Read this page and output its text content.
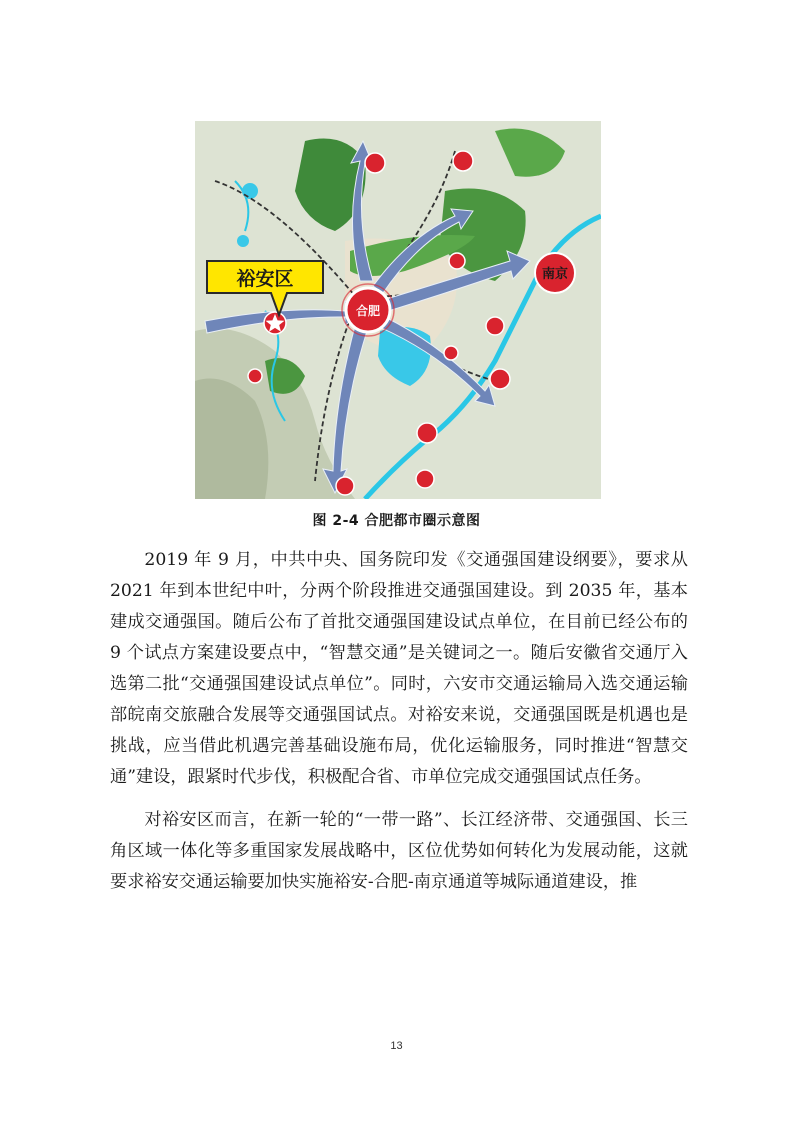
南京
合肥
裕安区
图 2-4 合肥都市圈示意图

2019 年 9 月，中共中央、国务院印发《交通强国建设纲要》，要求从 2021 年到本世纪中叶，分两个阶段推进交通强国建设。到 2035 年，基本建成交通强国。随后公布了首批交通强国建设试点单位，在目前已经公布的 9 个试点方案建设要点中，“智慧交通”是关键词之一。随后安徽省交通厅入选第二批“交通强国建设试点单位”。同时，六安市交通运输局入选交通运输部皖南交旅融合发展等交通强国试点。对裕安来说，交通强国既是机遇也是挑战，应当借此机遇完善基础设施布局，优化运输服务，同时推进“智慧交通”建设，跟紧时代步伐，积极配合省、市单位完成交通强国试点任务。

对裕安区而言，在新一轮的“一带一路”、长江经济带、交通强国、长三角区域一体化等多重国家发展战略中，区位优势如何转化为发展动能，这就要求裕安交通运输要加快实施裕安-合肥-南京通道等城际通道建设，推

13
